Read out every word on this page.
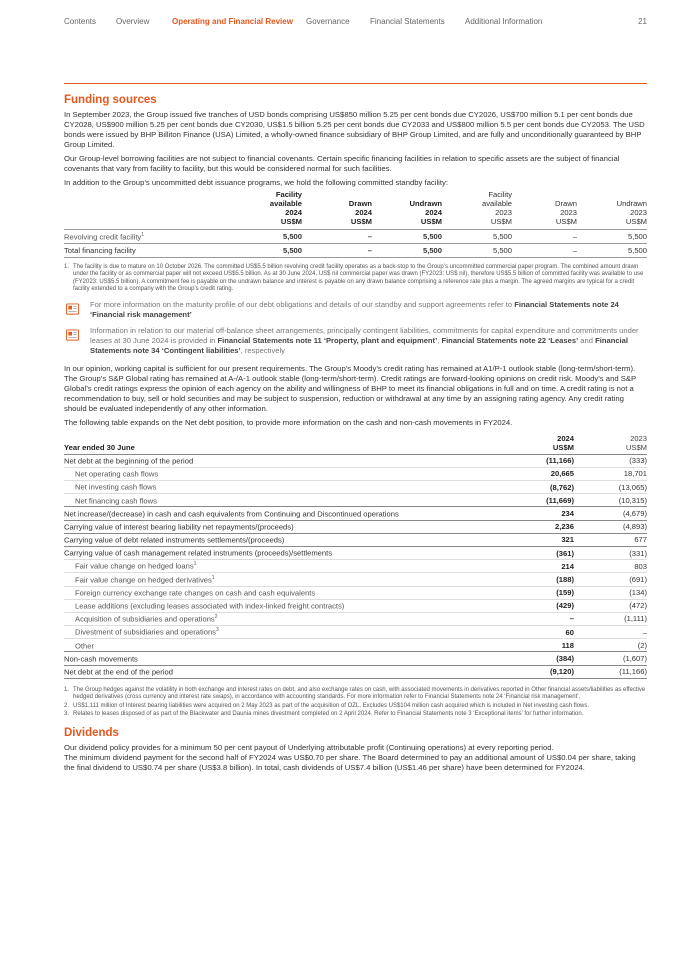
Contents Overview	Operating and Financial Review Governance	Financial Statements	Additional Information	21
Funding sources

In September 2023, the Group issued five tranches of USD bonds comprising US$850 million 5.25 per cent bonds due CY2026, US$700 million 5.1 per cent bonds due CY2028, US$900 million 5.25 per cent bonds due CY2030, US$1.5 billion 5.25 per cent bonds due CY2033 and US$800 million 5.5 per cent bonds due CY2053. The USD bonds were issued by BHP Billiton Finance (USA) Limited, a wholly-owned finance subsidiary of BHP Group Limited, and are fully and unconditionally guaranteed by BHP Group Limited.

Our Group-level borrowing facilities are not subject to financial covenants. Certain specific financing facilities in relation to specific assets are the subject of financial covenants that vary from facility to facility, but this would be considered normal for such facilities.

In addition to the Group’s uncommitted debt issuance programs, we hold the following committed standby facility:

	Facility
available
2024
US$M	Drawn
2024
US$M	Undrawn
2024
US$M	Facility
available
2023
US$M	Drawn
2023
US$M	Undrawn
2023
US$M
Revolving credit facility$^1$	5,500	–	5,500	5,500	–	5,500
Total financing facility	5,500	–	5,500	5,500	–	5,500
1. The facility is due to mature on 10 October 2026. The committed US$5.5 billion revolving credit facility operates as a back-stop to the Group’s uncommitted commercial paper program. The combined amount drawn under the facility or as commercial paper will not exceed US$5.5 billion. As at 30 June 2024, US$ nil commercial paper was drawn (FY2023: US$ nil), therefore US$5.5 billion of committed facility was available to use (FY2023: US$5.5 billion). A commitment fee is payable on the undrawn balance and interest is payable on any drawn balance comprising a reference rate plus a margin. The agreed margins are typical for a credit facility extended to a company with the Group’s credit rating.
For more information on the maturity profile of our debt obligations and details of our standby and support agreements refer to Financial Statements note 24 ‘Financial risk management’
Information in relation to our material off-balance sheet arrangements, principally contingent liabilities, commitments for capital expenditure and commitments under leases at 30 June 2024 is provided in Financial Statements note 11 ‘Property, plant and equipment’, Financial Statements note 22 ‘Leases’ and Financial Statements note 34 ‘Contingent liabilities’, respectively

In our opinion, working capital is sufficient for our present requirements. The Group’s Moody’s credit rating has remained at A1/P-1 outlook stable (long-term/short-term). The Group’s S&P Global rating has remained at A-/A-1 outlook stable (long-term/short-term). Credit ratings are forward-looking opinions on credit risk. Moody’s and S&P Global’s credit ratings express the opinion of each agency on the ability and willingness of BHP to meet its financial obligations in full and on time. A credit rating is not a recommendation to buy, sell or hold securities and may be subject to suspension, reduction or withdrawal at any time by an assigning rating agency. Any credit rating should be evaluated independently of any other information.

The following table expands on the Net debt position, to provide more information on the cash and non-cash movements in FY2024.

Year ended 30 June	2024
US$M	2023
US$M
Net debt at the beginning of the period	(11,166)	(333)
Net operating cash flows	20,665	18,701
Net investing cash flows	(8,762)	(13,065)
Net financing cash flows	(11,669)	(10,315)
Net increase/(decrease) in cash and cash equivalents from Continuing and Discontinued operations	234	(4,679)
Carrying value of interest bearing liability net repayments/(proceeds)	2,236	(4,893)
Carrying value of debt related instruments settlements/(proceeds)	321	677
Carrying value of cash management related instruments (proceeds)/settlements	(361)	(331)
Fair value change on hedged loans$^1$	214	803
Fair value change on hedged derivatives$^1$	(188)	(691)
Foreign currency exchange rate changes on cash and cash equivalents	(159)	(134)
Lease additions (excluding leases associated with index-linked freight contracts)	(429)	(472)
Acquisition of subsidiaries and operations$^2$	–	(1,111)
Divestment of subsidiaries and operations$^3$	60	–
Other	118	(2)
Non-cash movements	(384)	(1,607)
Net debt at the end of the period	(9,120)	(11,166)
1. The Group hedges against the volatility in both exchange and interest rates on debt, and also exchange rates on cash, with associated movements in derivatives reported in Other financial assets/liabilities as effective hedged derivatives (cross currency and interest rate swaps), in accordance with accounting standards. For more information refer to Financial Statements note 24 ‘Financial risk management’.
2. US$1,111 million of Interest bearing liabilities were acquired on 2 May 2023 as part of the acquisition of OZL. Excludes US$104 million cash acquired which is included in Net investing cash flows.
3. Relates to leases disposed of as part of the Blackwater and Daunia mines divestment completed on 2 April 2024. Refer to Financial Statements note 3 ‘Exceptional items’ for further information.
Dividends

Our dividend policy provides for a minimum 50 per cent payout of Underlying attributable profit (Continuing operations) at every reporting period.
The minimum dividend payment for the second half of FY2024 was US$0.70 per share. The Board determined to pay an additional amount of US$0.04 per share, taking the final dividend to US$0.74 per share (US$3.8 billion). In total, cash dividends of US$7.4 billion (US$1.46 per share) have been determined for FY2024.
